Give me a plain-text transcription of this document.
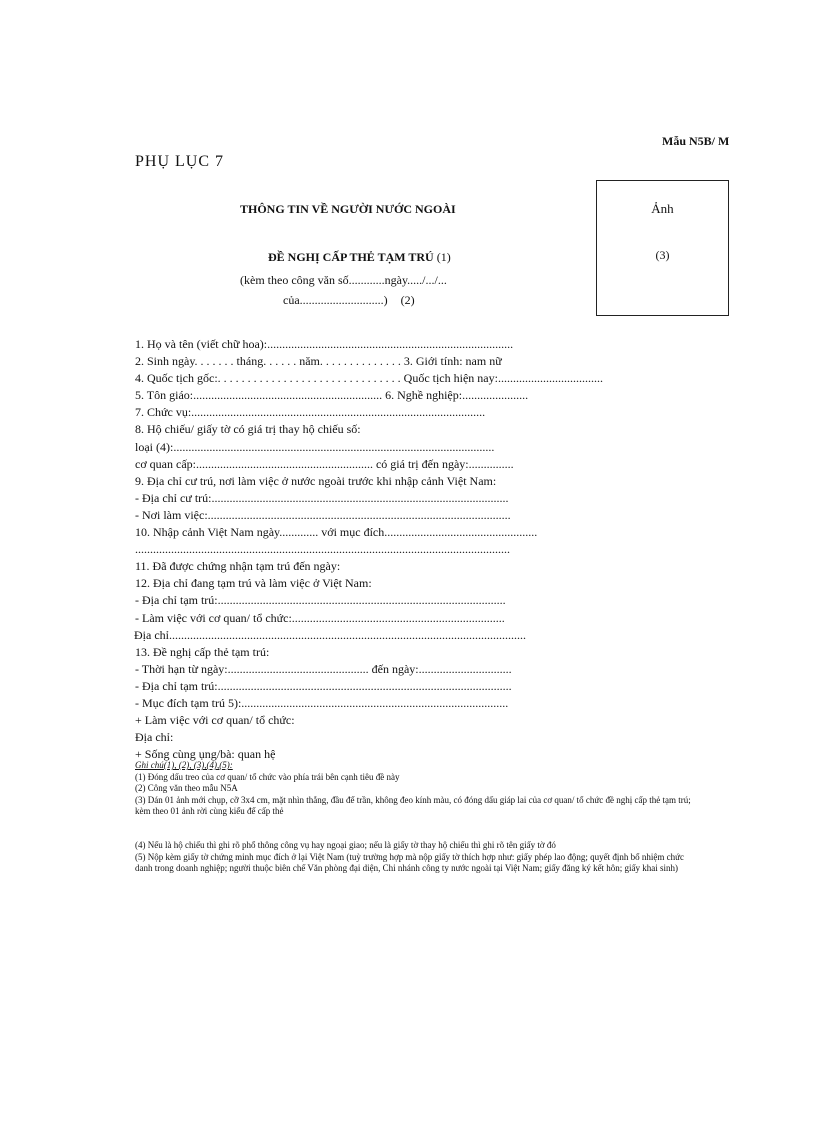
Mẫu N5B/ M
PHỤ LỤC 7
THÔNG TIN VỀ NGƯỜI NƯỚC NGOÀI
ĐỀ NGHỊ CẤP THẺ TẠM TRÚ (1)
(kèm theo công văn số............ngày...../.../...
của............................) (2)
Ảnh
(3)
1. Họ và tên (viết chữ hoa):..................................................................................
2. Sinh ngày. . . . . . . tháng. . . . . . năm. . . . . . . . . . . . . . 3. Giới tính: nam nữ
4. Quốc tịch gốc:. . . . . . . . . . . . . . . . . . . . . . . . . . . . . . . Quốc tịch hiện nay:...................................
5. Tôn giáo:............................................................... 6. Nghề nghiệp:......................
7. Chức vụ:..................................................................................................
8. Hộ chiếu/ giấy tờ có giá trị thay hộ chiếu số:
loại (4):...........................................................................................................
cơ quan cấp:........................................................... có giá trị đến ngày:...............
9. Địa chỉ cư trú, nơi làm việc ở nước ngoài trước khi nhập cảnh Việt Nam:
- Địa chỉ cư trú:...................................................................................................
- Nơi làm việc:.....................................................................................................
10. Nhập cảnh Việt Nam ngày............. với mục đích...................................................
.............................................................................................................................
11. Đã được chứng nhận tạm trú đến ngày:
12. Địa chỉ đang tạm trú và làm việc ở Việt Nam:
- Địa chỉ tạm trú:................................................................................................
- Làm việc với cơ quan/ tổ chức:.......................................................................
Địa chỉ.......................................................................................................................
13. Đề nghị cấp thẻ tạm trú:
- Thời hạn từ ngày:............................................... đến ngày:...............................
- Địa chỉ tạm trú:..................................................................................................
- Mục đích tạm trú 5):.........................................................................................
+ Làm việc với cơ quan/ tổ chức:
Địa chỉ:
+ Sống cùng ụng/bà: quan hệ

Ghi chú(1), (2), (3),(4),(5):

(1) Đóng dấu treo của cơ quan/ tổ chức vào phía trái bên cạnh tiêu đề này

(2) Công văn theo mẫu N5A

(3) Dán 01 ảnh mới chụp, cỡ 3x4 cm, mặt nhìn thẳng, đầu để trần, không đeo kính màu, có đóng dấu giáp lai của cơ quan/ tổ chức đề nghị cấp thẻ tạm trú; kèm theo 01 ảnh rời cùng kiểu để cấp thẻ

(4) Nếu là hộ chiếu thì ghi rõ phổ thông công vụ hay ngoại giao; nếu là giấy tờ thay hộ chiếu thì ghi rõ tên giấy tờ đó

(5) Nộp kèm giấy tờ chứng minh mục đích ở lại Việt Nam (tuỳ trường hợp mà nộp giấy tờ thích hợp như: giấy phép lao động; quyết định bổ nhiệm chức danh trong doanh nghiệp; người thuộc biên chế Văn phòng đại diện, Chi nhánh công ty nước ngoài tại Việt Nam; giấy đăng ký kết hôn; giấy khai sinh)
